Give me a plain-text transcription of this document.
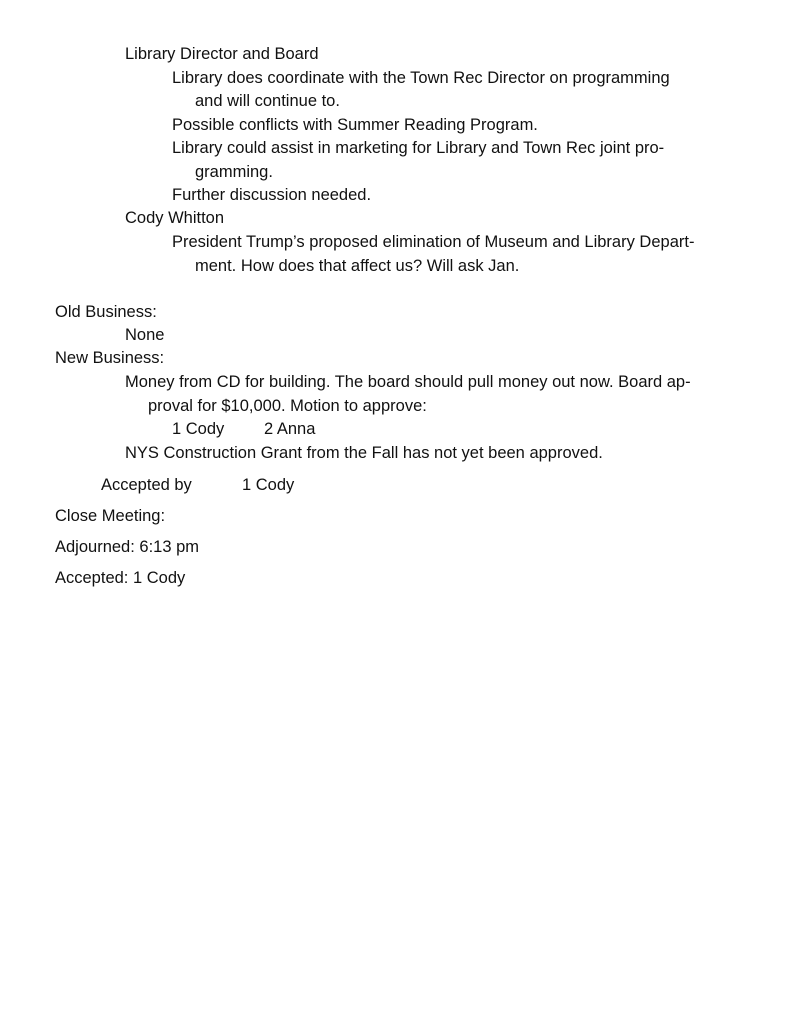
Library Director and Board
Library does coordinate with the Town Rec Director on programming
and will continue to.
Possible conflicts with Summer Reading Program.
Library could assist in marketing for Library and Town Rec joint pro-
gramming.
Further discussion needed.
Cody Whitton
President Trump’s proposed elimination of Museum and Library Depart-
ment. How does that affect us? Will ask Jan.
Old Business:
None
New Business:
Money from CD for building. The board should pull money out now. Board ap-
proval for $10,000. Motion to approve:
1 Cody 2 Anna
NYS Construction Grant from the Fall has not yet been approved.
Accepted by	1 Cody
Close Meeting:
Adjourned: 6:13 pm
Accepted: 1 Cody
